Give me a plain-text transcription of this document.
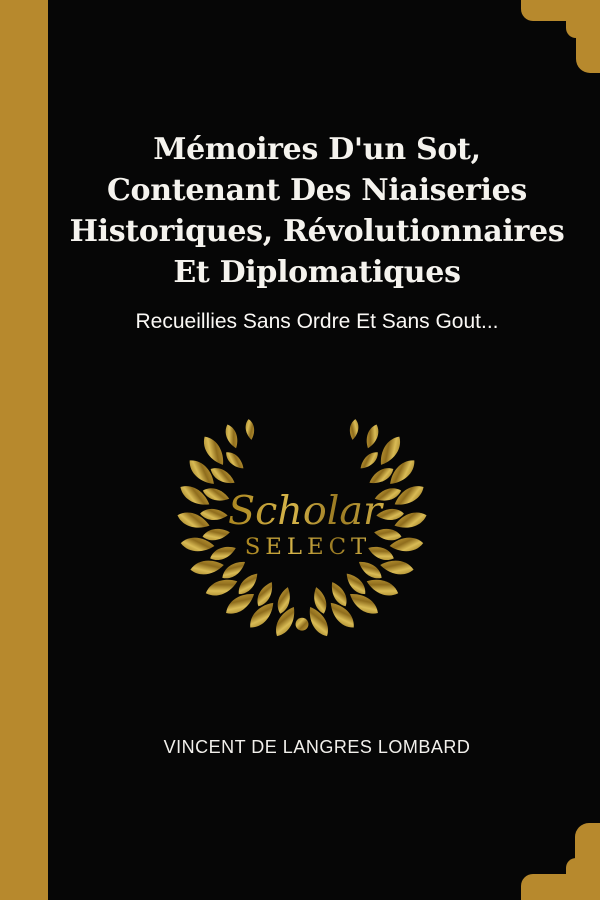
Mémoires D'un Sot,
Contenant Des Niaiseries
Historiques, Révolutionnaires
Et Diplomatiques
Recueillies Sans Ordre Et Sans Gout...
Scholar
SELECT
VINCENT DE LANGRES LOMBARD
